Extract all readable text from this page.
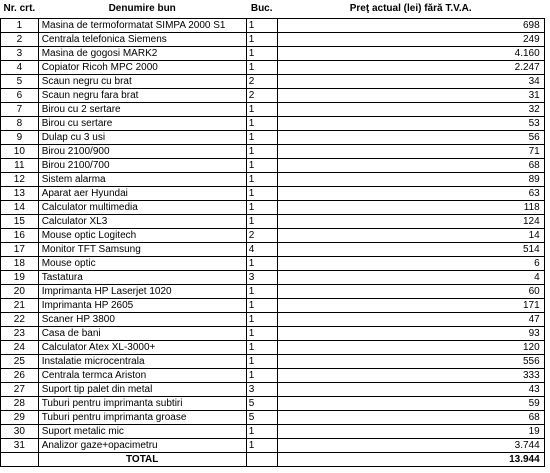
Nr. crt.	Denumire bun	Buc.	Preţ actual (lei) fără T.V.A.
1	Masina de termoformatat SIMPA 2000 S1	1	698
2	Centrala telefonica Siemens	1	249
3	Masina de gogosi MARK2	1	4.160
4	Copiator Ricoh MPC 2000	1	2.247
5	Scaun negru cu brat	2	34
6	Scaun negru fara brat	2	31
7	Birou cu 2 sertare	1	32
8	Birou cu sertare	1	53
9	Dulap cu 3 usi	1	56
10	Birou 2100/900	1	71
11	Birou 2100/700	1	68
12	Sistem alarma	1	89
13	Aparat aer Hyundai	1	63
14	Calculator multimedia	1	118
15	Calculator XL3	1	124
16	Mouse optic Logitech	2	14
17	Monitor TFT Samsung	4	514
18	Mouse optic	1	6
19	Tastatura	3	4
20	Imprimanta HP Laserjet 1020	1	60
21	Imprimanta HP 2605	1	171
22	Scaner HP 3800	1	47
23	Casa de bani	1	93
24	Calculator Atex XL-3000+	1	120
25	Instalatie microcentrala	1	556
26	Centrala termca Ariston	1	333
27	Suport tip palet din metal	3	43
28	Tuburi pentru imprimanta subtiri	5	59
29	Tuburi pentru imprimanta groase	5	68
30	Suport metalic mic	1	19
31	Analizor gaze+opacimetru	1	3.744
	TOTAL		13.944
